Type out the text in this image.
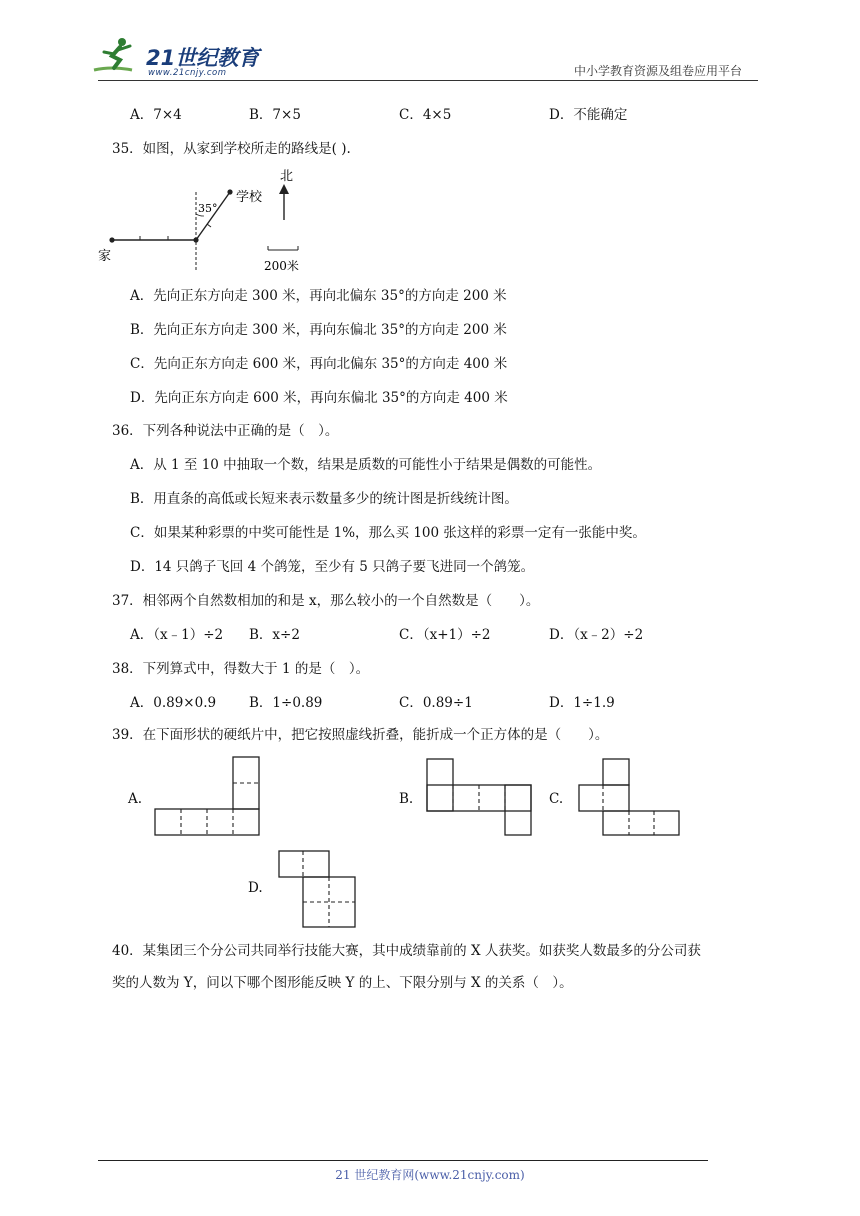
21世纪教育
www.21cnjy.com	中小学教育资源及组卷应用平台
A．7×4	B．7×5	C．4×5	D．不能确定
35．如图，从家到学校所走的路线是( ).
学校
家
35°
北
200米
A．先向正东方向走 300 米，再向北偏东 35°的方向走 200 米
B．先向正东方向走 300 米，再向东偏北 35°的方向走 200 米
C．先向正东方向走 600 米，再向北偏东 35°的方向走 400 米
D．先向正东方向走 600 米，再向东偏北 35°的方向走 400 米
36．下列各种说法中正确的是（　）。
A．从 1 至 10 中抽取一个数，结果是质数的可能性小于结果是偶数的可能性。
B．用直条的高低或长短来表示数量多少的统计图是折线统计图。
C．如果某种彩票的中奖可能性是 1%，那么买 100 张这样的彩票一定有一张能中奖。
D．14 只鸽子飞回 4 个鸽笼，至少有 5 只鸽子要飞进同一个鸽笼。
37．相邻两个自然数相加的和是 x，那么较小的一个自然数是（　　）。
A．（x﹣1）÷2 B．x÷2	C．（x+1）÷2	D．（x﹣2）÷2
38．下列算式中，得数大于 1 的是（　）。
A．0.89×0.9 B．1÷0.89	C．0.89÷1	D．1÷1.9
39．在下面形状的硬纸片中，把它按照虚线折叠，能折成一个正方体的是（　　）。
A.	B.	C.
D.
40．某集团三个分公司共同举行技能大赛，其中成绩靠前的 X 人获奖。如获奖人数最多的分公司获
奖的人数为 Y，问以下哪个图形能反映 Y 的上、下限分别与 X 的关系（　）。
21 世纪教育网(www.21cnjy.com)
